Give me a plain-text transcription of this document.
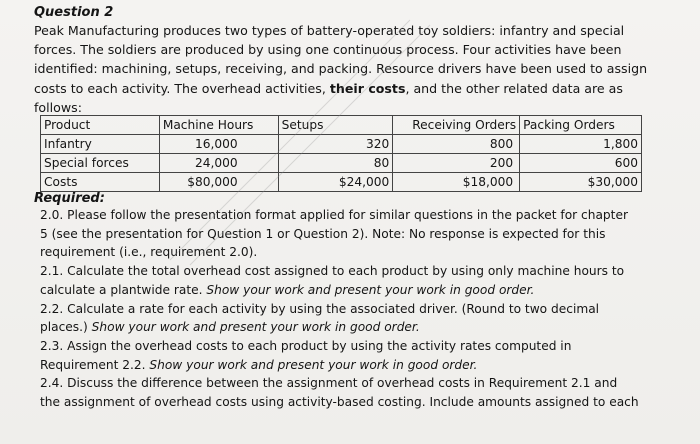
Question 2
Peak Manufacturing produces two types of battery-operated toy soldiers: infantry and special
forces. The soldiers are produced by using one continuous process. Four activities have been
identified: machining, setups, receiving, and packing. Resource drivers have been used to assign
costs to each activity. The overhead activities, their costs, and the other related data are as
follows:
Product	Machine Hours	Setups	Receiving Orders	Packing Orders
Infantry	16,000	320	800	1,800
Special forces	24,000	80	200	600
Costs	$80,000	$24,000	$18,000	$30,000
Required:
2.0. Please follow the presentation format applied for similar questions in the packet for chapter
5 (see the presentation for Question 1 or Question 2). Note: No response is expected for this
requirement (i.e., requirement 2.0).
2.1. Calculate the total overhead cost assigned to each product by using only machine hours to
calculate a plantwide rate. Show your work and present your work in good order.
2.2. Calculate a rate for each activity by using the associated driver. (Round to two decimal
places.) Show your work and present your work in good order.
2.3. Assign the overhead costs to each product by using the activity rates computed in
Requirement 2.2. Show your work and present your work in good order.
2.4. Discuss the difference between the assignment of overhead costs in Requirement 2.1 and
the assignment of overhead costs using activity-based costing. Include amounts assigned to each
